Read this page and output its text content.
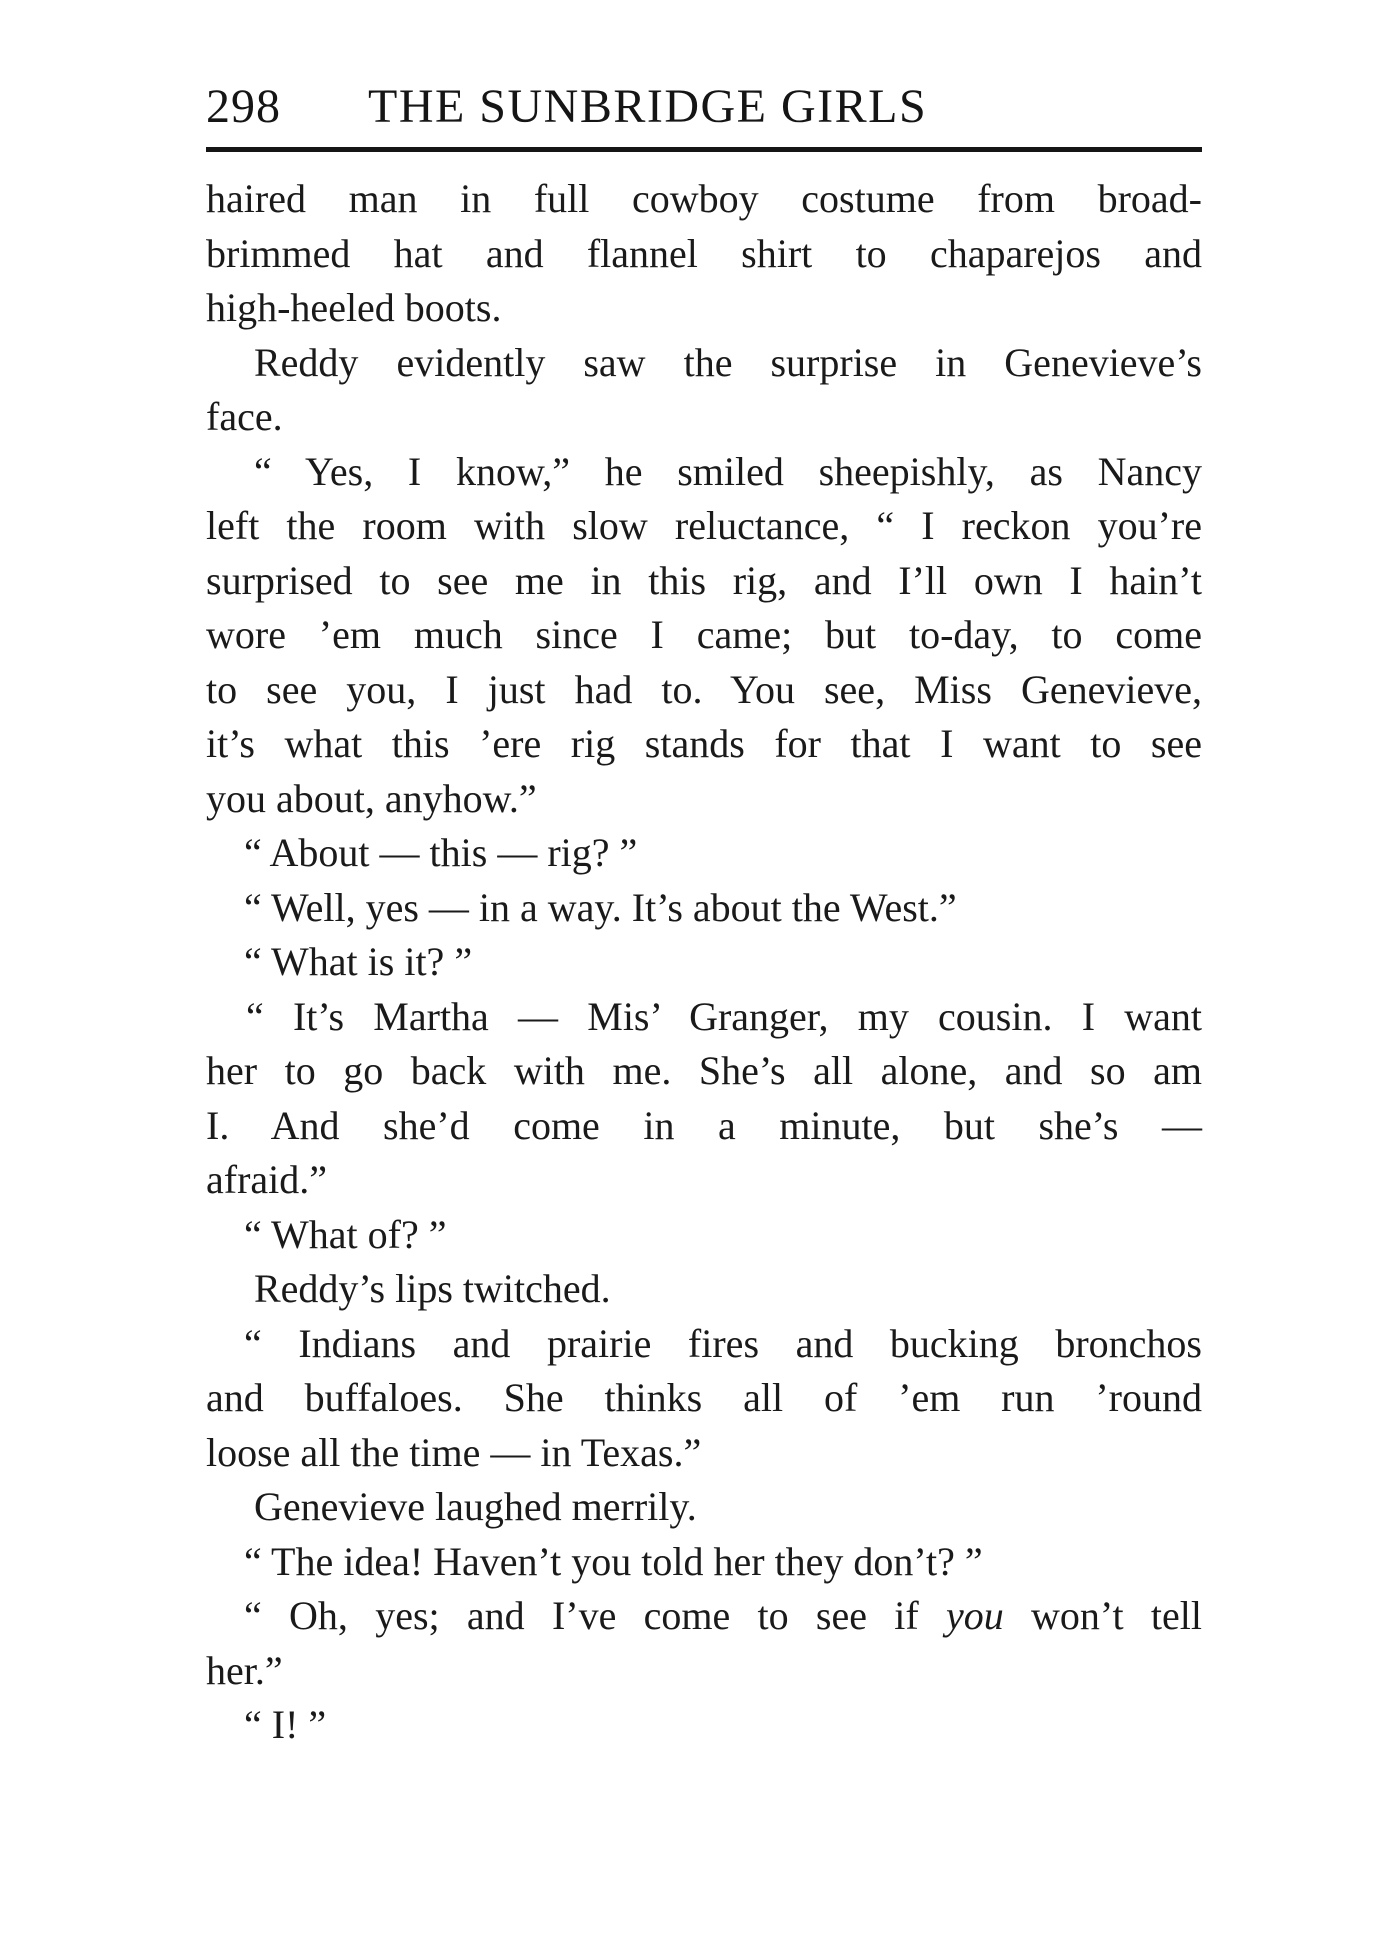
298 THE SUNBRIDGE GIRLS
haired man in full cowboy costume from broad-
brimmed hat and flannel shirt to chaparejos and
high-heeled boots.
Reddy evidently saw the surprise in Genevieve’s
face.
“ Yes, I know,” he smiled sheepishly, as Nancy
left the room with slow reluctance, “ I reckon you’re
surprised to see me in this rig, and I’ll own I hain’t
wore ’em much since I came; but to-day, to come
to see you, I just had to. You see, Miss Genevieve,
it’s what this ’ere rig stands for that I want to see
you about, anyhow.”
“ About — this — rig? ”
“ Well, yes — in a way. It’s about the West.”
“ What is it? ”
“ It’s Martha — Mis’ Granger, my cousin. I want
her to go back with me. She’s all alone, and so am
I. And she’d come in a minute, but she’s —
afraid.”
“ What of? ”
Reddy’s lips twitched.
“ Indians and prairie fires and bucking bronchos
and buffaloes. She thinks all of ’em run ’round
loose all the time — in Texas.”
Genevieve laughed merrily.
“ The idea! Haven’t you told her they don’t? ”
“ Oh, yes; and I’ve come to see if you won’t tell
her.”
“ I! ”
